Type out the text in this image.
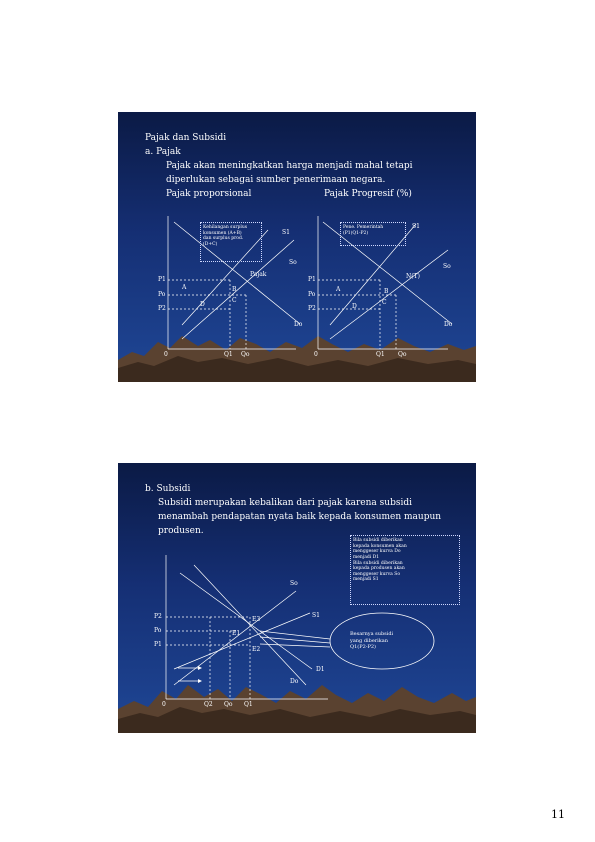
Pajak dan Subsidi
a. Pajak
Pajak akan meningkatkan harga menjadi mahal tetapi
diperlukan sebagai sumber penerimaan negara.
Pajak proporsional	Pajak Progresif (%)
Kehilangan surplus
konsumen (A+B)
dan surplus prod.
(D+C)
Pene. Pemerintah
(P1(Q1-P2)
S1
So
Pajak
P1
Po
P2
A	B
C
D
Do
0	Q1 Qo
S1
So
N(T)
P1
Po
P2
A	B
C
D
Do
0	Q1 Qo
b. Subsidi
Subsidi merupakan kebalikan dari pajak karena subsidi
menambah pendapatan nyata baik kepada konsumen maupun
produsen.
Bila subsidi diberikan
kepada konsumen akan
menggeser kurva Do
menjadi D1
Bila subsidi diberikan
kepada produsen akan
menggeser kurva So
menjadi S1
So
S1
D1
Do
P2
Po
P1
E3
E1
E2
0	Q2 Qo Q1
Besarnya subsidi
yang diberikan
Q1(P2-P2)
11
